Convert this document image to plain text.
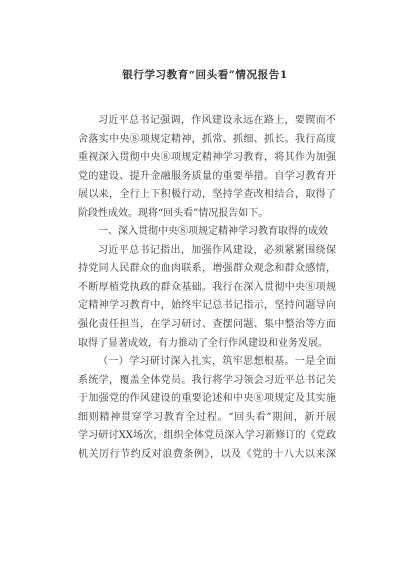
银行学习教育“回头看”情况报告1
习近平总书记强调，作风建设永远在路上，要锲而不
舍落实中央⑧项规定精神，抓常、抓细、抓长。我行高度
重视深入贯彻中央⑧项规定精神学习教育，将其作为加强
党的建设、提升金融服务质量的重要举措。自学习教育开
展以来，全行上下积极行动，坚持学查改相结合，取得了
阶段性成效。现将“回头看”情况报告如下。
一、深入贯彻中央⑧项规定精神学习教育取得的成效
习近平总书记指出，加强作风建设，必须紧紧围绕保
持党同人民群众的血肉联系，增强群众观念和群众感情，
不断厚植党执政的群众基础。我行在深入贯彻中央⑧项规
定精神学习教育中，始终牢记总书记指示，坚持问题导向
强化责任担当，在学习研讨、查摆问题、集中整治等方面
取得了显著成效，有力推动了全行作风建设和业务发展。
（一）学习研讨深入扎实，筑牢思想根基。一是全面
系统学，覆盖全体党员。我行将学习领会习近平总书记关
于加强党的作风建设的重要论述和中央⑧项规定及其实施
细则精神贯穿学习教育全过程。“回头看”期间，新开展
学习研讨XX场次，组织全体党员深入学习新修订的《党政
机关厉行节约反对浪费条例》，以及《党的十八大以来深
